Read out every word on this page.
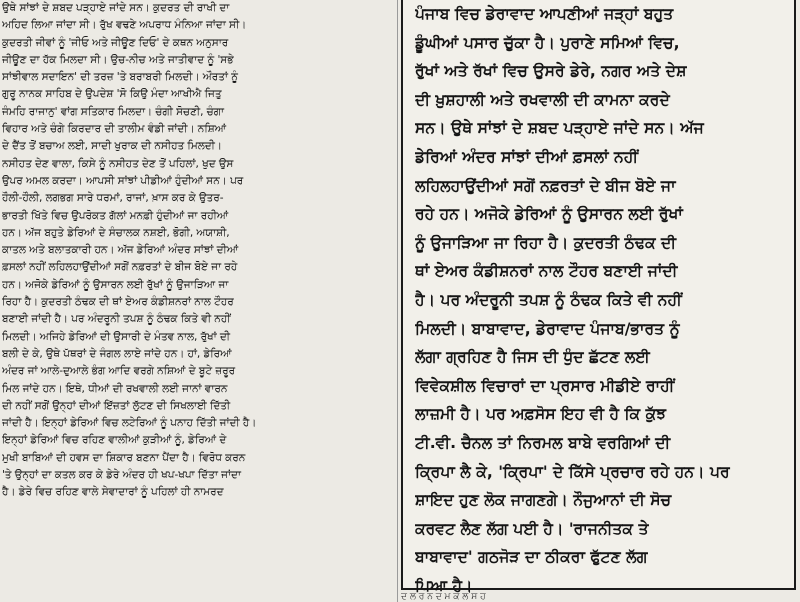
ਉਥੇ ਸਾਂਝਾਂ ਦੇ ਸ਼ਬਦ ਪੜ੍ਹਾਏ ਜਾਂਦੇ ਸਨ। ਕੁਦਰਤ ਦੀ ਰਾਖੀ ਦਾ
ਅਹਿਦ ਲਿਆ ਜਾਂਦਾ ਸੀ। ਰੁੱਖ ਵਢਣੇ ਅਪਰਾਧ ਮੰਨਿਆ ਜਾਂਦਾ ਸੀ।
ਕੁਦਰਤੀ ਜੀਵਾਂ ਨੂੰ 'ਜੀਓ ਅਤੇ ਜੀਊਣ ਦਿਓ' ਦੇ ਕਥਨ ਅਨੁਸਾਰ
ਜੀਊਣ ਦਾ ਹੱਕ ਮਿਲਦਾ ਸੀ। ਉਚ-ਨੀਚ ਅਤੇ ਜਾਤੀਵਾਦ ਨੂੰ 'ਸਭੇ
ਸਾਂਝੀਵਾਲ ਸਦਾਇਨ' ਦੀ ਤਰਜ਼ 'ਤੇ ਬਰਾਬਰੀ ਮਿਲਦੀ। ਔਰਤਾਂ ਨੂੰ
ਗੁਰੂ ਨਾਨਕ ਸਾਹਿਬ ਦੇ ਉਪਦੇਸ਼ 'ਸੋ ਕਿਉ ਮੰਦਾ ਆਖੀਐ ਜਿਤੁ
ਜੰਮਹਿ ਰਾਜਾਨੁ' ਵਾਂਗ ਸਤਿਕਾਰ ਮਿਲਦਾ। ਚੰਗੀ ਸੋਚਣੀ, ਚੰਗਾ
ਵਿਹਾਰ ਅਤੇ ਚੰਗੇ ਕਿਰਦਾਰ ਦੀ ਤਾਲੀਮ ਵੰਡੀ ਜਾਂਦੀ। ਨਸ਼ਿਆਂ
ਦੇ ਦੈਂਤ ਤੋਂ ਬਚਾਅ ਲਈ, ਸਾਦੀ ਖੁਰਾਕ ਦੀ ਨਸੀਹਤ ਮਿਲਦੀ।
ਨਸੀਹਤ ਦੇਣ ਵਾਲਾ, ਕਿਸੇ ਨੂੰ ਨਸੀਹਤ ਦੇਣ ਤੋਂ ਪਹਿਲਾਂ, ਖੁਦ ਉਸ
ਉਪਰ ਅਮਲ ਕਰਦਾ। ਆਪਸੀ ਸਾਂਝਾਂ ਪੀਡੀਆਂ ਹੁੰਦੀਆਂ ਸਨ। ਪਰ
ਹੌਲੀ-ਹੌਲੀ, ਲਗਭਗ ਸਾਰੇ ਧਰਮਾਂ, ਰਾਜਾਂ, ਖ਼ਾਸ ਕਰ ਕੇ ਉਤਰ-
ਭਾਰਤੀ ਖਿੱਤੇ ਵਿਚ ਉਪਰੋਕਤ ਗੱਲਾਂ ਮਨਫ਼ੀ ਹੁੰਦੀਆਂ ਜਾ ਰਹੀਆਂ
ਹਨ। ਅੱਜ ਬਹੁਤੇ ਡੇਰਿਆਂ ਦੇ ਸੰਚਾਲਕ ਨਸ਼ਈ, ਭੋਗੀ, ਅਯਾਸ਼ੀ,
ਕਾਤਲ ਅਤੇ ਬਲਾਤਕਾਰੀ ਹਨ। ਅੱਜ ਡੇਰਿਆਂ ਅੰਦਰ ਸਾਂਝਾਂ ਦੀਆਂ
ਫ਼ਸਲਾਂ ਨਹੀਂ ਲਹਿਲਹਾਉਂਦੀਆਂ ਸਗੋਂ ਨਫ਼ਰਤਾਂ ਦੇ ਬੀਜ ਬੋਏ ਜਾ ਰਹੇ
ਹਨ। ਅਜੋਕੇ ਡੇਰਿਆਂ ਨੂੰ ਉਸਾਰਨ ਲਈ ਰੁੱਖਾਂ ਨੂੰ ਉਜਾੜਿਆ ਜਾ
ਰਿਹਾ ਹੈ। ਕੁਦਰਤੀ ਠੰਢਕ ਦੀ ਥਾਂ ਏਅਰ ਕੰਡੀਸ਼ਨਰਾਂ ਨਾਲ ਟੌਹਰ
ਬਣਾਈ ਜਾਂਦੀ ਹੈ। ਪਰ ਅੰਦਰੂਨੀ ਤਪਸ਼ ਨੂੰ ਠੰਢਕ ਕਿਤੇ ਵੀ ਨਹੀਂ
ਮਿਲਦੀ। ਅਜਿਹੇ ਡੇਰਿਆਂ ਦੀ ਉਸਾਰੀ ਦੇ ਮੰਤਵ ਨਾਲ, ਰੁੱਖਾਂ ਦੀ
ਬਲੀ ਦੇ ਕੇ, ਉਥੇ ਪੱਥਰਾਂ ਦੇ ਜੰਗਲ ਲਾਏ ਜਾਂਦੇ ਹਨ। ਹਾਂ, ਡੇਰਿਆਂ
ਅੰਦਰ ਜਾਂ ਆਲੇ-ਦੁਆਲੇ ਭੰਗ ਆਦਿ ਵਰਗੇ ਨਸ਼ਿਆਂ ਦੇ ਬੂਟੇ ਜ਼ਰੂਰ
ਮਿਲ ਜਾਂਦੇ ਹਨ। ਇਥੇ, ਧੀਆਂ ਦੀ ਰਖਵਾਲੀ ਲਈ ਜਾਨਾਂ ਵਾਰਨ
ਦੀ ਨਹੀਂ ਸਗੋਂ ਉਨ੍ਹਾਂ ਦੀਆਂ ਇੱਜ਼ਤਾਂ ਲੁੱਟਣ ਦੀ ਸਿਖਲਾਈ ਦਿੱਤੀ
ਜਾਂਦੀ ਹੈ। ਇਨ੍ਹਾਂ ਡੇਰਿਆਂ ਵਿਚ ਲਟੇਰਿਆਂ ਨੂੰ ਪਨਾਹ ਦਿੱਤੀ ਜਾਂਦੀ ਹੈ।
ਇਨ੍ਹਾਂ ਡੇਰਿਆਂ ਵਿਚ ਰਹਿਣ ਵਾਲੀਆਂ ਕੁੜੀਆਂ ਨੂੰ, ਡੇਰਿਆਂ ਦੇ
ਮੁਖੀ ਬਾਬਿਆਂ ਦੀ ਹਵਸ ਦਾ ਸ਼ਿਕਾਰ ਬਣਨਾ ਪੈਂਦਾ ਹੈ। ਵਿਰੋਧ ਕਰਨ
'ਤੇ ਉਨ੍ਹਾਂ ਦਾ ਕਤਲ ਕਰ ਕੇ ਡੇਰੇ ਅੰਦਰ ਹੀ ਖਪ-ਖਪਾ ਦਿੱਤਾ ਜਾਂਦਾ
ਹੈ। ਡੇਰੇ ਵਿਚ ਰਹਿਣ ਵਾਲੇ ਸੇਵਾਦਾਰਾਂ ਨੂੰ ਪਹਿਲਾਂ ਹੀ ਨਾਮਰਦ

ਪੰਜਾਬ ਵਿਚ ਡੇਰਾਵਾਦ ਆਪਣੀਆਂ ਜੜ੍ਹਾਂ ਬਹੁਤ
ਡੂੰਘੀਆਂ ਪਸਾਰ ਚੁੱਕਾ ਹੈ। ਪੁਰਾਣੇ ਸਮਿਆਂ ਵਿਚ,
ਰੁੱਖਾਂ ਅਤੇ ਰੱਖਾਂ ਵਿਚ ਉਸਰੇ ਡੇਰੇ, ਨਗਰ ਅਤੇ ਦੇਸ਼
ਦੀ ਖ਼ੁਸ਼ਹਾਲੀ ਅਤੇ ਰਖਵਾਲੀ ਦੀ ਕਾਮਨਾ ਕਰਦੇ
ਸਨ। ਉਥੇ ਸਾਂਝਾਂ ਦੇ ਸ਼ਬਦ ਪੜ੍ਹਾਏ ਜਾਂਦੇ ਸਨ। ਅੱਜ
ਡੇਰਿਆਂ ਅੰਦਰ ਸਾਂਝਾਂ ਦੀਆਂ ਫ਼ਸਲਾਂ ਨਹੀਂ
ਲਹਿਲਹਾਉਂਦੀਆਂ ਸਗੋਂ ਨਫ਼ਰਤਾਂ ਦੇ ਬੀਜ ਬੋਏ ਜਾ
ਰਹੇ ਹਨ। ਅਜੋਕੇ ਡੇਰਿਆਂ ਨੂੰ ਉਸਾਰਨ ਲਈ ਰੁੱਖਾਂ
ਨੂੰ ਉਜਾੜਿਆ ਜਾ ਰਿਹਾ ਹੈ। ਕੁਦਰਤੀ ਠੰਢਕ ਦੀ
ਥਾਂ ਏਅਰ ਕੰਡੀਸ਼ਨਰਾਂ ਨਾਲ ਟੌਹਰ ਬਣਾਈ ਜਾਂਦੀ
ਹੈ। ਪਰ ਅੰਦਰੂਨੀ ਤਪਸ਼ ਨੂੰ ਠੰਢਕ ਕਿਤੇ ਵੀ ਨਹੀਂ
ਮਿਲਦੀ। ਬਾਬਾਵਾਦ, ਡੇਰਾਵਾਦ ਪੰਜਾਬ/ਭਾਰਤ ਨੂੰ
ਲੱਗਾ ਗ੍ਰਹਿਣ ਹੈ ਜਿਸ ਦੀ ਧੁੰਦ ਛੱਟਣ ਲਈ
ਵਿਵੇਕਸ਼ੀਲ ਵਿਚਾਰਾਂ ਦਾ ਪ੍ਰਸਾਰ ਮੀਡੀਏ ਰਾਹੀਂ
ਲਾਜ਼ਮੀ ਹੈ। ਪਰ ਅਫ਼ਸੋਸ ਇਹ ਵੀ ਹੈ ਕਿ ਕੁੱਝ
ਟੀ.ਵੀ. ਚੈਨਲ ਤਾਂ ਨਿਰਮਲ ਬਾਬੇ ਵਰਗਿਆਂ ਦੀ
ਕ੍ਰਿਪਾ ਲੈ ਕੇ, 'ਕ੍ਰਿਪਾ' ਦੇ ਕਿੱਸੇ ਪ੍ਰਚਾਰ ਰਹੇ ਹਨ। ਪਰ
ਸ਼ਾਇਦ ਹੁਣ ਲੋਕ ਜਾਗਣਗੇ। ਨੌਜੁਆਨਾਂ ਦੀ ਸੋਚ
ਕਰਵਟ ਲੈਣ ਲੱਗ ਪਈ ਹੈ। 'ਰਾਜਨੀਤਕ ਤੇ
ਬਾਬਾਵਾਦ' ਗਠਜੋੜ ਦਾ ਠੀਕਰਾ ਫੁੱਟਣ ਲੱਗ
ਪਿਆ ਹੈ।

ਦ ਲ ਰ ਨ ਦ ਮ ਕ ਲ ਸ ਹ
